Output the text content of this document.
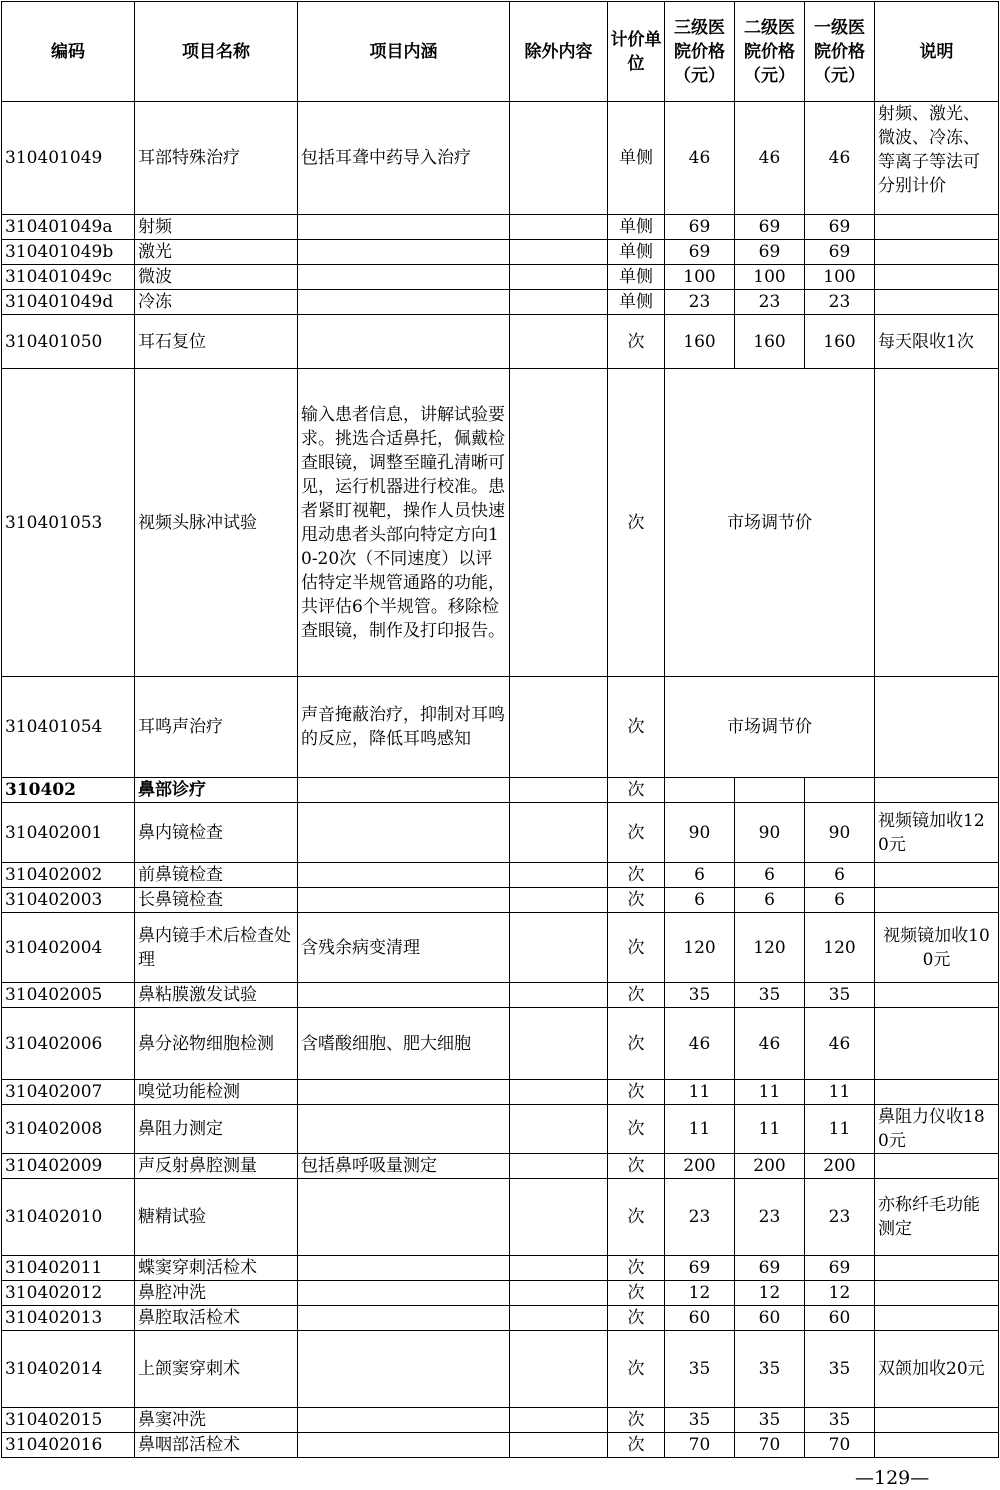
编码	项目名称	项目内涵	除外内容	计价单位	三级医院价格（元）	二级医院价格（元）	一级医院价格（元）	说明
310401049	耳部特殊治疗	包括耳聋中药导入治疗		单侧	46	46	46	射频、激光、微波、冷冻、等离子等法可分别计价

310401049a	射频			单侧	69	69	69	
310401049b	激光			单侧	69	69	69	
310401049c	微波			单侧	100	100	100	
310401049d	冷冻			单侧	23	23	23	
310401050	耳石复位			次	160	160	160	每天限收1次
310401053	视频头脉冲试验	输入患者信息，讲解试验要求。挑选合适鼻托，佩戴检查眼镜，调整至瞳孔清晰可见，运行机器进行校准。患者紧盯视靶，操作人员快速甩动患者头部向特定方向10-20次（不同速度）以评估特定半规管通路的功能，共评估6个半规管。移除检查眼镜，制作及打印报告。		次	市场调节价			
310401054	耳鸣声治疗	声音掩蔽治疗，抑制对耳鸣的反应，降低耳鸣感知		次	市场调节价			
310402	鼻部诊疗			次				
310402001	鼻内镜检查			次	90	90	90	视频镜加收120元
310402002	前鼻镜检查			次	6	6	6	
310402003	长鼻镜检查			次	6	6	6	
310402004	鼻内镜手术后检查处理	含残余病变清理		次	120	120	120	视频镜加收100元
310402005	鼻粘膜激发试验			次	35	35	35	
310402006	鼻分泌物细胞检测	含嗜酸细胞、肥大细胞		次	46	46	46	
310402007	嗅觉功能检测			次	11	11	11	
310402008	鼻阻力测定			次	11	11	11	鼻阻力仪收180元
310402009	声反射鼻腔测量	包括鼻呼吸量测定		次	200	200	200	
310402010	糖精试验			次	23	23	23	亦称纤毛功能测定
310402011	蝶窦穿刺活检术			次	69	69	69	
310402012	鼻腔冲洗			次	12	12	12	
310402013	鼻腔取活检术			次	60	60	60	
310402014	上颌窦穿刺术			次	35	35	35	双颌加收20元
310402015	鼻窦冲洗			次	35	35	35	
310402016	鼻咽部活检术			次	70	70	70	
—129—
